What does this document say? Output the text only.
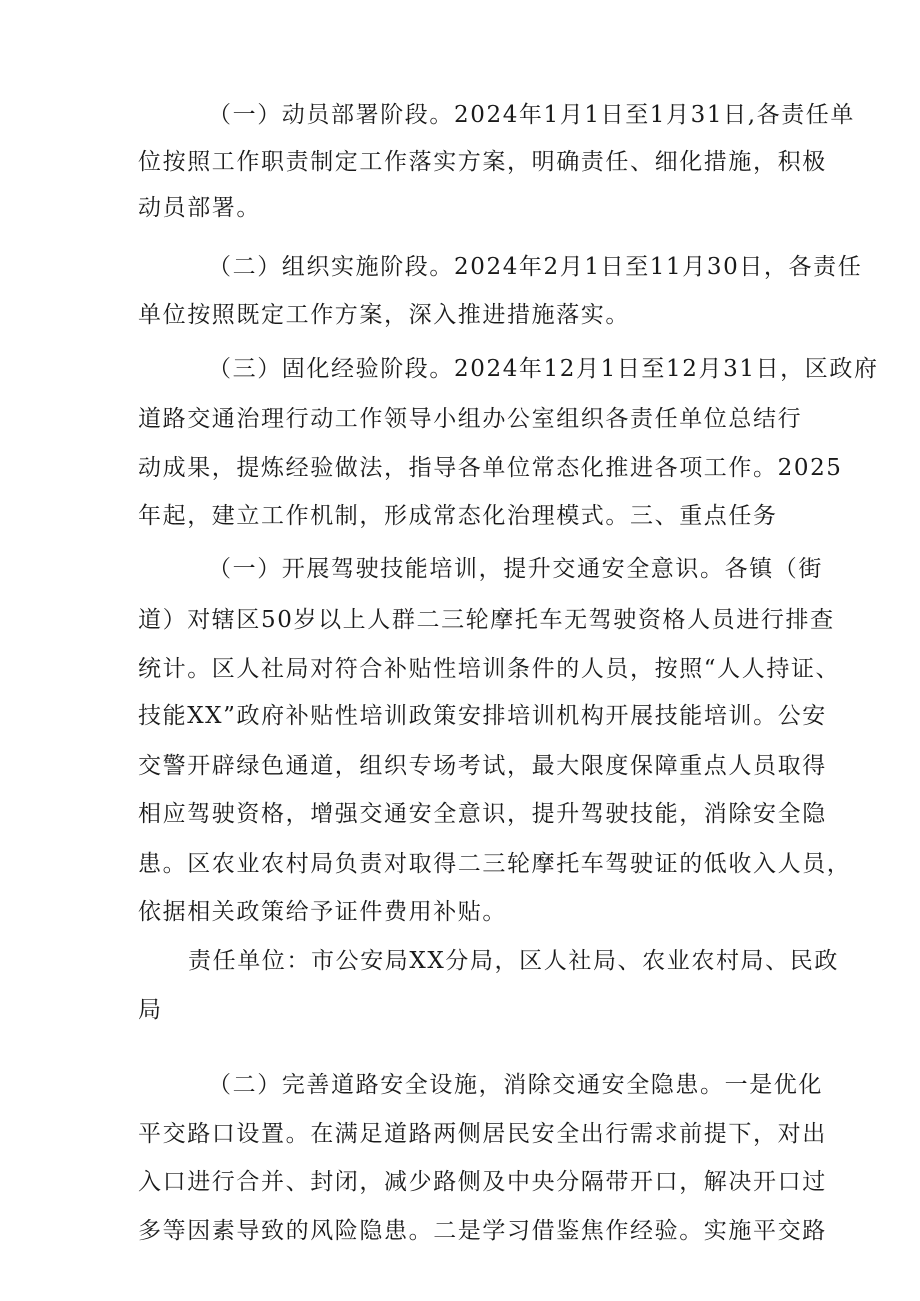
（一）动员部署阶段。2024年1月1日至1月31日,各责任单
位按照工作职责制定工作落实方案，明确责任、细化措施，积极
动员部署。
（二）组织实施阶段。2024年2月1日至11月30日，各责任
单位按照既定工作方案，深入推进措施落实。
（三）固化经验阶段。2024年12月1日至12月31日，区政府
道路交通治理行动工作领导小组办公室组织各责任单位总结行
动成果，提炼经验做法，指导各单位常态化推进各项工作。2025
年起，建立工作机制，形成常态化治理模式。三、重点任务
（一）开展驾驶技能培训，提升交通安全意识。各镇（街
道）对辖区50岁以上人群二三轮摩托车无驾驶资格人员进行排查
统计。区人社局对符合补贴性培训条件的人员，按照“人人持证、
技能XX”政府补贴性培训政策安排培训机构开展技能培训。公安
交警开辟绿色通道，组织专场考试，最大限度保障重点人员取得
相应驾驶资格，增强交通安全意识，提升驾驶技能，消除安全隐
患。区农业农村局负责对取得二三轮摩托车驾驶证的低收入人员，
依据相关政策给予证件费用补贴。
责任单位：市公安局XX分局，区人社局、农业农村局、民政
局
（二）完善道路安全设施，消除交通安全隐患。一是优化
平交路口设置。在满足道路两侧居民安全出行需求前提下，对出
入口进行合并、封闭，减少路侧及中央分隔带开口，解决开口过
多等因素导致的风险隐患。二是学习借鉴焦作经验。实施平交路
